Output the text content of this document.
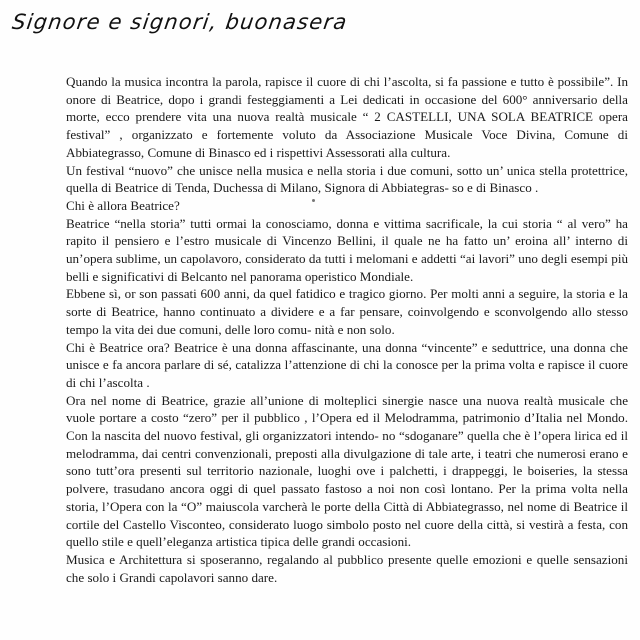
Signore e signori, buonasera

Quando la musica incontra la parola, rapisce il cuore di chi l’ascolta, si fa passione e tutto è possibile”. In onore di Beatrice, dopo i grandi festeggiamenti a Lei dedicati in occasione del 600° anniversario della morte, ecco prendere vita una nuova realtà musicale “ 2 CASTELLI, UNA SOLA BEATRICE opera festival” , organizzato e fortemente voluto da Associazione Musicale Voce Divina, Comune di Abbiategrasso, Comune di Binasco ed i rispettivi Assessorati alla cultura.

Un festival “nuovo” che unisce nella musica e nella storia i due comuni, sotto un’ unica stella protettrice, quella di Beatrice di Tenda, Duchessa di Milano, Signora di Abbiategras- so e di Binasco .

Chi è allora Beatrice?

Beatrice “nella storia” tutti ormai la conosciamo, donna e vittima sacrificale, la cui storia “ al vero” ha rapito il pensiero e l’estro musicale di Vincenzo Bellini, il quale ne ha fatto un’ eroina all’ interno di un’opera sublime, un capolavoro, considerato da tutti i melomani e addetti “ai lavori” uno degli esempi più belli e significativi di Belcanto nel panorama operistico Mondiale.

Ebbene sì, or son passati 600 anni, da quel fatidico e tragico giorno. Per molti anni a seguire, la storia e la sorte di Beatrice, hanno continuato a dividere e a far pensare, coinvolgendo e sconvolgendo allo stesso tempo la vita dei due comuni, delle loro comu- nità e non solo.

Chi è Beatrice ora? Beatrice è una donna affascinante, una donna “vincente” e seduttrice, una donna che unisce e fa ancora parlare di sé, catalizza l’attenzione di chi la conosce per la prima volta e rapisce il cuore di chi l’ascolta .

Ora nel nome di Beatrice, grazie all’unione di molteplici sinergie nasce una nuova realtà musicale che vuole portare a costo “zero” per il pubblico , l’Opera ed il Melodramma, patrimonio d’Italia nel Mondo. Con la nascita del nuovo festival, gli organizzatori intendo- no “sdoganare” quella che è l’opera lirica ed il melodramma, dai centri convenzionali, preposti alla divulgazione di tale arte, i teatri che numerosi erano e sono tutt’ora presenti sul territorio nazionale, luoghi ove i palchetti, i drappeggi, le boiseries, la stessa polvere, trasudano ancora oggi di quel passato fastoso a noi non così lontano. Per la prima volta nella storia, l’Opera con la “O” maiuscola varcherà le porte della Città di Abbiategrasso, nel nome di Beatrice il cortile del Castello Visconteo, considerato luogo simbolo posto nel cuore della città, si vestirà a festa, con quello stile e quell’eleganza artistica tipica delle grandi occasioni.

Musica e Architettura si sposeranno, regalando al pubblico presente quelle emozioni e quelle sensazioni che solo i Grandi capolavori sanno dare.
